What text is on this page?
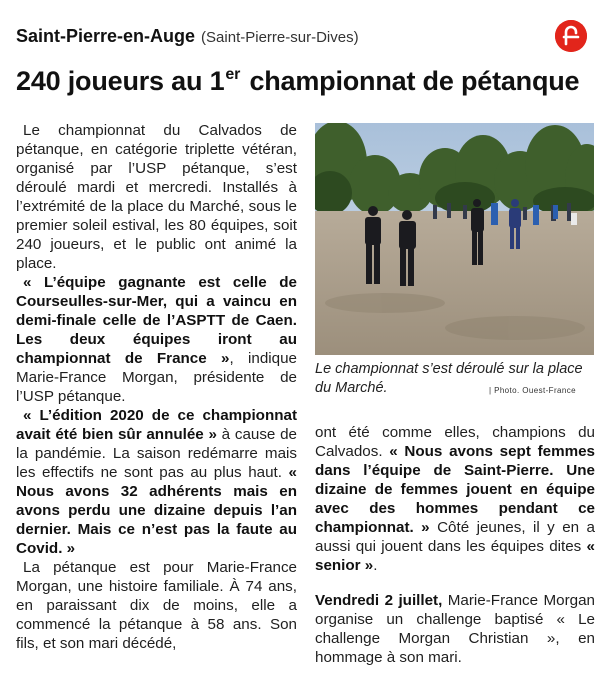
Saint-Pierre-en-Auge (Saint-Pierre-sur-Dives)
240 joueurs au 1er championnat de pétanque

Le championnat du Calvados de pétanque, en catégorie triplette vétéran, organisé par l’USP pétanque, s’est déroulé mardi et mercredi. Installés à l’extrémité de la place du Marché, sous le premier soleil estival, les 80 équipes, soit 240 joueurs, et le public ont animé la place.

« L’équipe gagnante est celle de Courseulles-sur-Mer, qui a vaincu en demi-finale celle de l’ASPTT de Caen. Les deux équipes iront au championnat de France », indique Marie-France Morgan, présidente de l’USP pétanque.

« L’édition 2020 de ce championnat avait été bien sûr annulée » à cause de la pandémie. La saison redémarre mais les effectifs ne sont pas au plus haut. « Nous avons 32 adhérents mais en avons perdu une dizaine depuis l’an dernier. Mais ce n’est pas la faute au Covid. »

La pétanque est pour Marie-France Morgan, une histoire familiale. À 74 ans, en paraissant dix de moins, elle a commencé la pétanque à 58 ans. Son fils, et son mari décédé,

Le championnat s’est déroulé sur la place du Marché.	| Photo. Ouest-France

ont été comme elles, champions du Calvados. « Nous avons sept femmes dans l’équipe de Saint-Pierre. Une dizaine de femmes jouent en équipe avec des hommes pendant ce championnat. » Côté jeunes, il y en a aussi qui jouent dans les équipes dites « senior ».

Vendredi 2 juillet, Marie-France Morgan organise un challenge baptisé « Le challenge Morgan Christian », en hommage à son mari.
